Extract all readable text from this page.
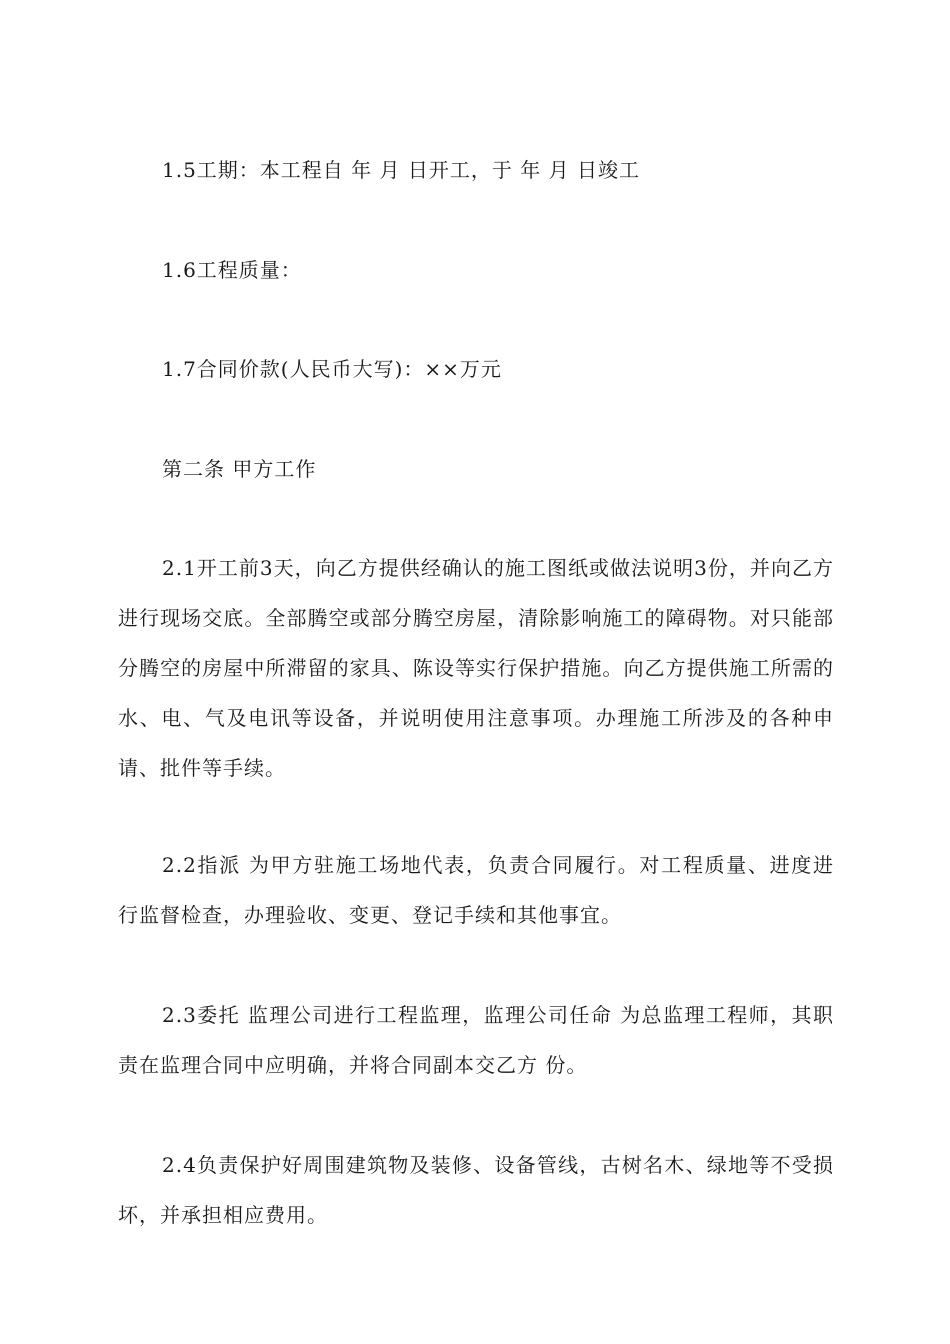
1.5工期：本工程自 年 月 日开工，于 年 月 日竣工

1.6工程质量：

1.7合同价款(人民币大写)：××万元

第二条 甲方工作

2.1开工前3天，向乙方提供经确认的施工图纸或做法说明3份，并向乙方进行现场交底。全部腾空或部分腾空房屋，清除影响施工的障碍物。对只能部分腾空的房屋中所滞留的家具、陈设等实行保护措施。向乙方提供施工所需的水、电、气及电讯等设备，并说明使用注意事项。办理施工所涉及的各种申请、批件等手续。

2.2指派 为甲方驻施工场地代表，负责合同履行。对工程质量、进度进行监督检查，办理验收、变更、登记手续和其他事宜。

2.3委托 监理公司进行工程监理，监理公司任命 为总监理工程师，其职责在监理合同中应明确，并将合同副本交乙方 份。

2.4负责保护好周围建筑物及装修、设备管线，古树名木、绿地等不受损坏，并承担相应费用。
